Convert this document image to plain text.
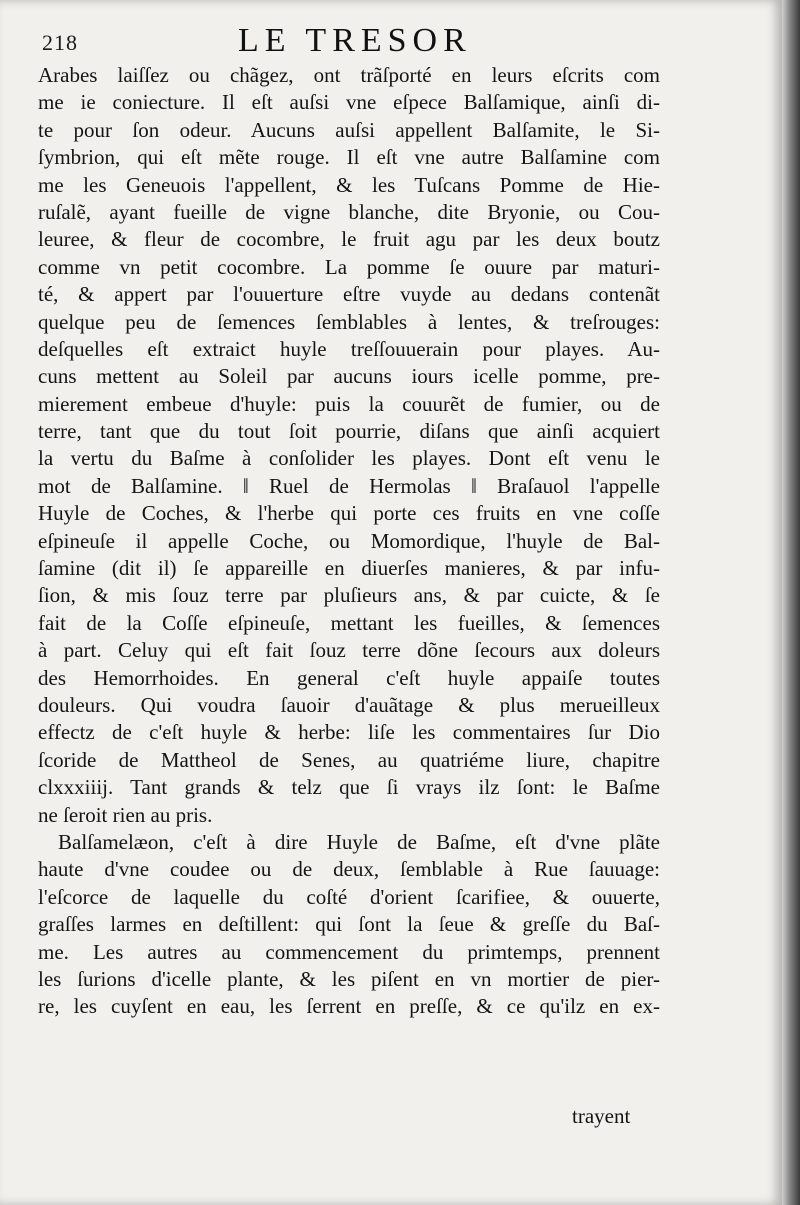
218	LE TRESOR
Arabes laiſſez ou chãgez, ont trãſporté en leurs eſcrits com
me ie coniecture. Il eſt auſsi vne eſpece Balſamique, ainſi di-
te pour ſon odeur. Aucuns auſsi appellent Balſamite, le Si-
ſymbrion, qui eſt mẽte rouge. Il eſt vne autre Balſamine com
me les Geneuois l'appellent, & les Tuſcans Pomme de Hie-
ruſalẽ, ayant fueille de vigne blanche, dite Bryonie, ou Cou-
leuree, & fleur de cocombre, le fruit agu par les deux boutz
comme vn petit cocombre. La pomme ſe ouure par maturi-
té, & appert par l'ouuerture eſtre vuyde au dedans contenãt
quelque peu de ſemences ſemblables à lentes, & treſrouges:
deſquelles eſt extraict huyle treſſouuerain pour playes. Au-
cuns mettent au Soleil par aucuns iours icelle pomme, pre-
mierement embeue d'huyle: puis la couurẽt de fumier, ou de
terre, tant que du tout ſoit pourrie, diſans que ainſi acquiert
la vertu du Baſme à conſolider les playes. Dont eſt venu le
mot de Balſamine. ‖ Ruel de Hermolas ‖ Braſauol l'appelle
Huyle de Coches, & l'herbe qui porte ces fruits en vne coſſe
eſpineuſe il appelle Coche, ou Momordique, l'huyle de Bal-
ſamine (dit il) ſe appareille en diuerſes manieres, & par infu-
ſion, & mis ſouz terre par pluſieurs ans, & par cuicte, & ſe
fait de la Coſſe eſpineuſe, mettant les fueilles, & ſemences
à part. Celuy qui eſt fait ſouz terre dõne ſecours aux doleurs
des Hemorrhoides. En general c'eſt huyle appaiſe toutes
douleurs. Qui voudra ſauoir d'auãtage & plus merueilleux
effectz de c'eſt huyle & herbe: liſe les commentaires ſur Dio
ſcoride de Mattheol de Senes, au quatriéme liure, chapitre
clxxxiiij. Tant grands & telz que ſi vrays ilz ſont: le Baſme
ne ſeroit rien au pris.
Balſamelæon, c'eſt à dire Huyle de Baſme, eſt d'vne plãte
haute d'vne coudee ou de deux, ſemblable à Rue ſauuage:
l'eſcorce de laquelle du coſté d'orient ſcarifiee, & ouuerte,
graſſes larmes en deſtillent: qui ſont la ſeue & greſſe du Baſ-
me. Les autres au commencement du primtemps, prennent
les ſurions d'icelle plante, & les piſent en vn mortier de pier-
re, les cuyſent en eau, les ſerrent en preſſe, & ce qu'ilz en ex-
trayent
